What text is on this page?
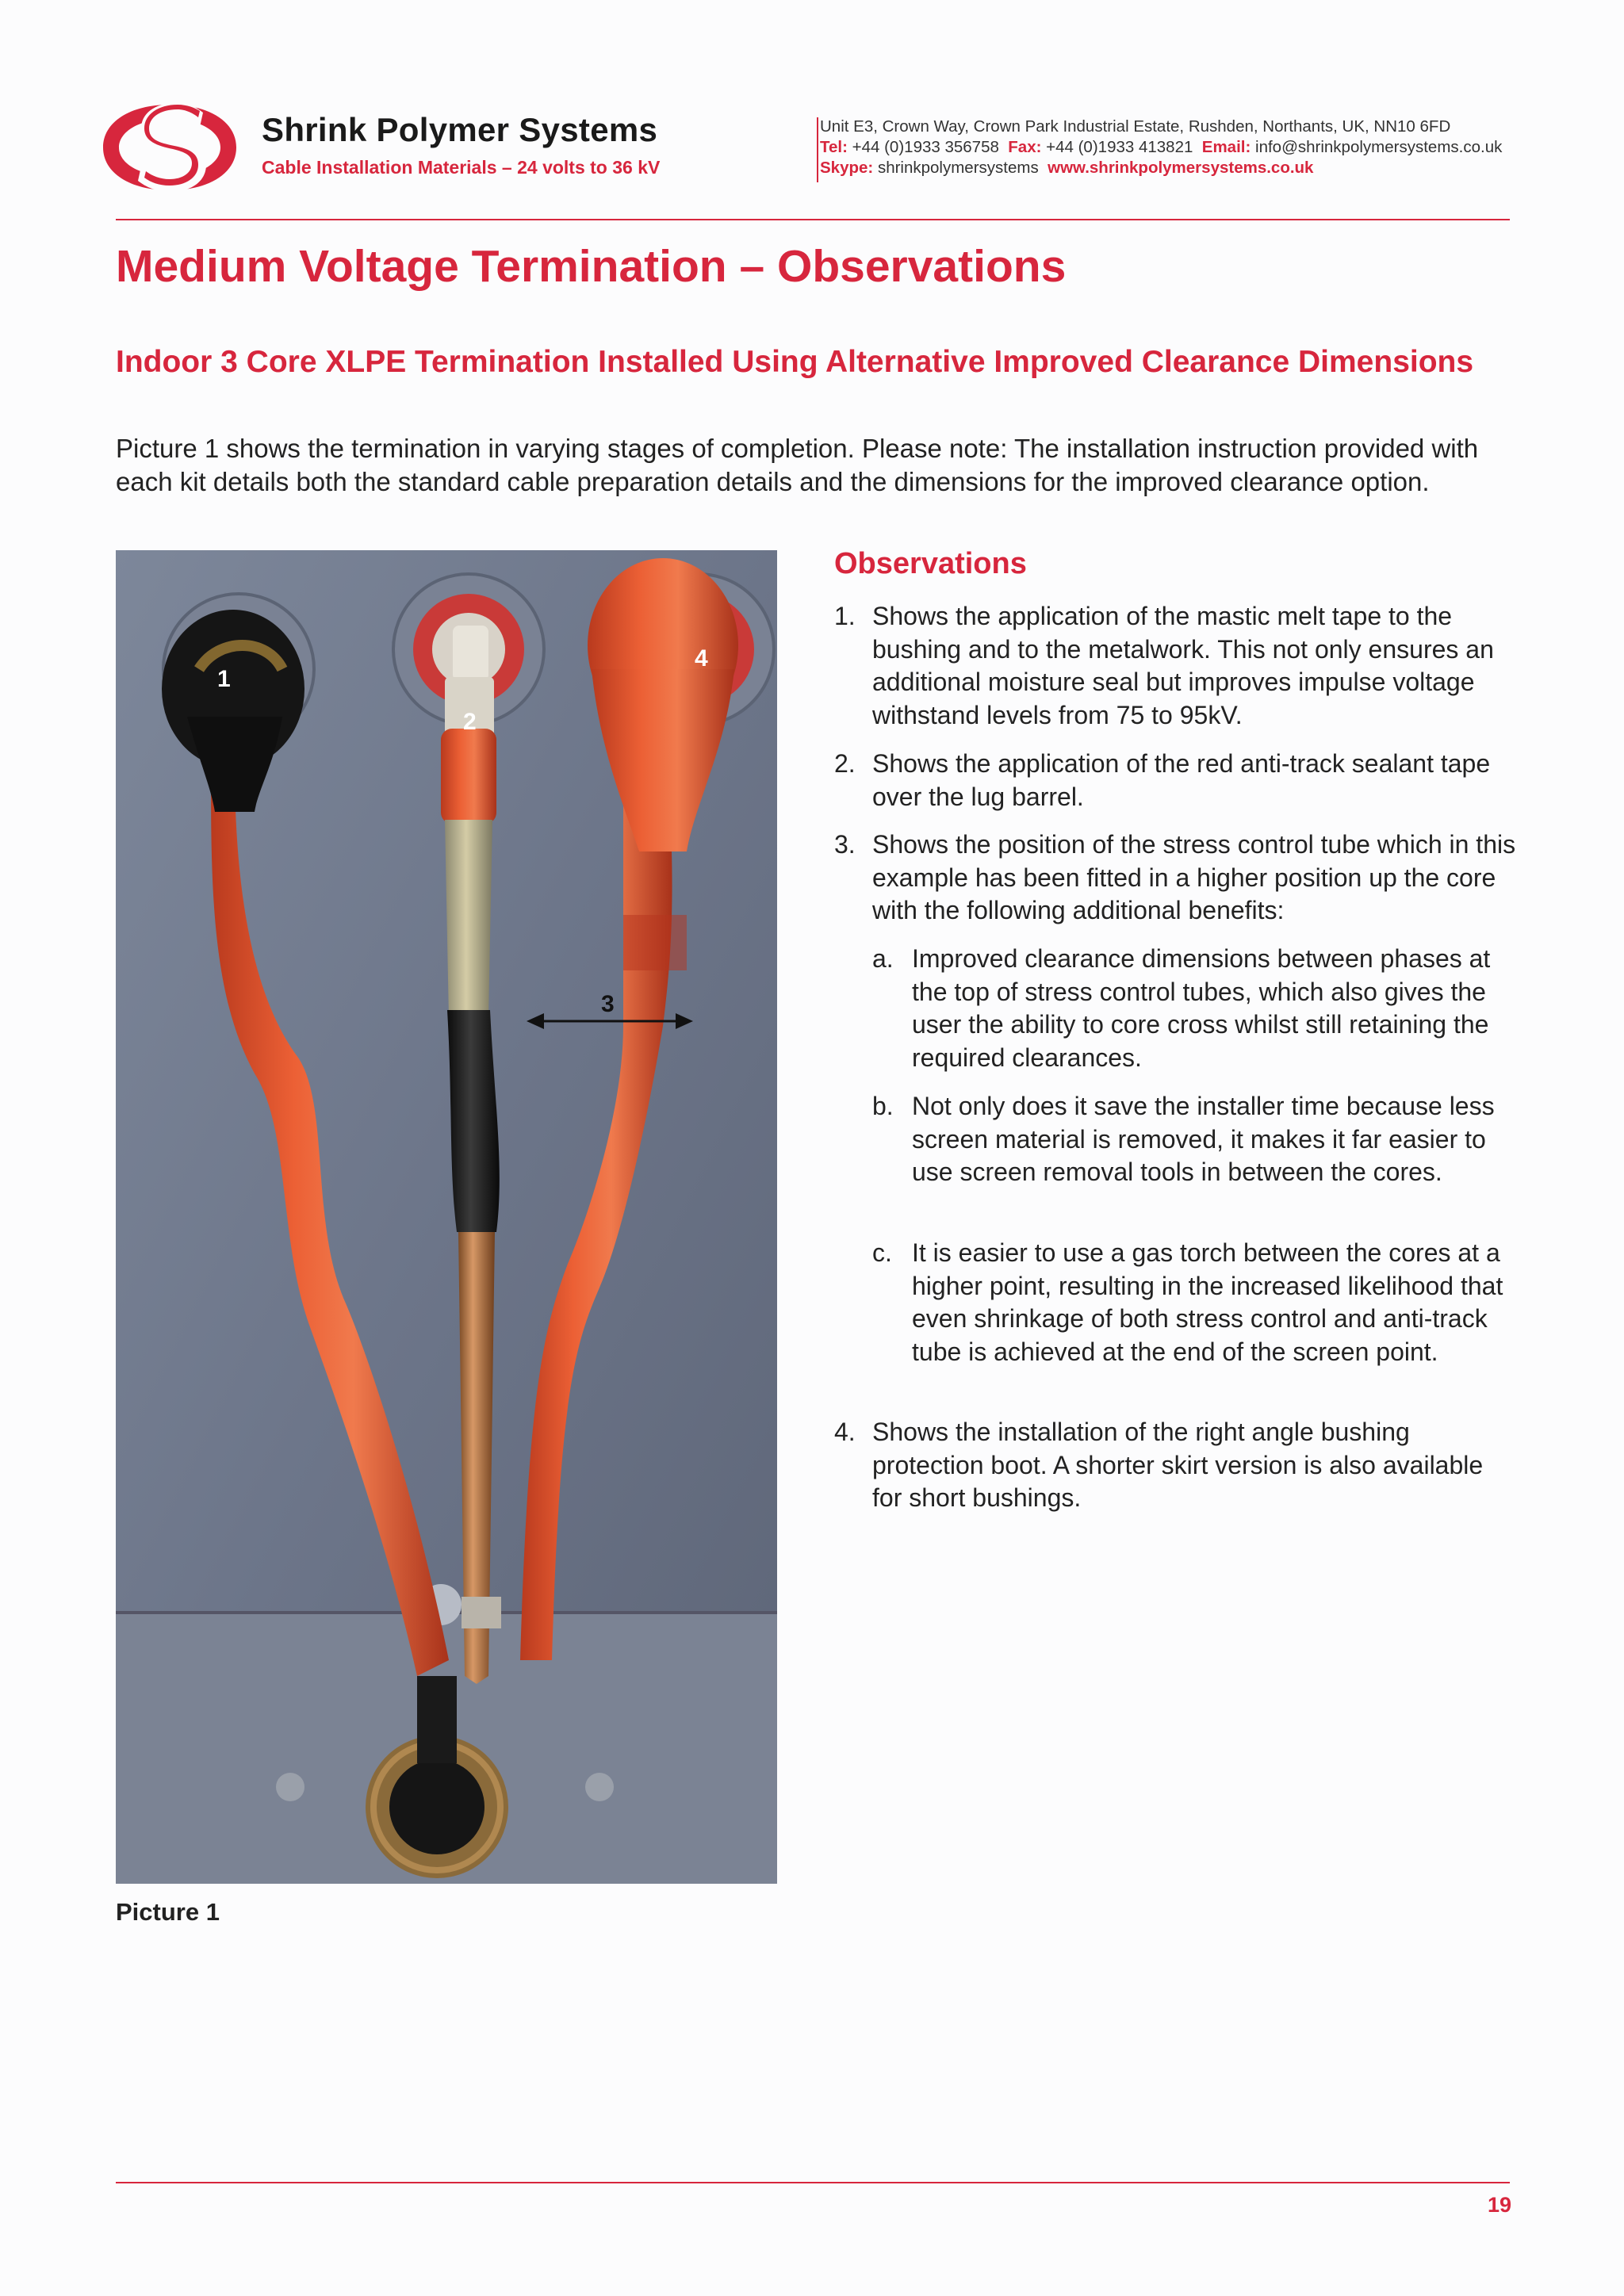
Shrink Polymer Systems
Cable Installation Materials – 24 volts to 36 kV
Unit E3, Crown Way, Crown Park Industrial Estate, Rushden, Northants, UK, NN10 6FD
Tel: +44 (0)1933 356758 Fax: +44 (0)1933 413821 Email: info@shrinkpolymersystems.co.uk
Skype: shrinkpolymersystems www.shrinkpolymersystems.co.uk
Medium Voltage Termination – Observations
Indoor 3 Core XLPE Termination Installed Using Alternative Improved Clearance Dimensions
Picture 1 shows the termination in varying stages of completion. Please note: The installation instruction provided with each kit details both the standard cable preparation details and the dimensions for the improved clearance option.
1
2
4
3
Picture 1
Observations
1. Shows the application of the mastic melt tape to the bushing and to the metalwork. This not only ensures an additional moisture seal but improves impulse voltage withstand levels from 75 to 95kV.
2. Shows the application of the red anti-track sealant tape over the lug barrel.
3. Shows the position of the stress control tube which in this example has been fitted in a higher position up the core with the following additional benefits:
a. Improved clearance dimensions between phases at the top of stress control tubes, which also gives the user the ability to core cross whilst still retaining the required clearances.
b. Not only does it save the installer time because less screen material is removed, it makes it far easier to use screen removal tools in between the cores.
c. It is easier to use a gas torch between the cores at a higher point, resulting in the increased likelihood that even shrinkage of both stress control and anti-track tube is achieved at the end of the screen point.
4. Shows the installation of the right angle bushing protection boot. A shorter skirt version is also available for short bushings.
19
